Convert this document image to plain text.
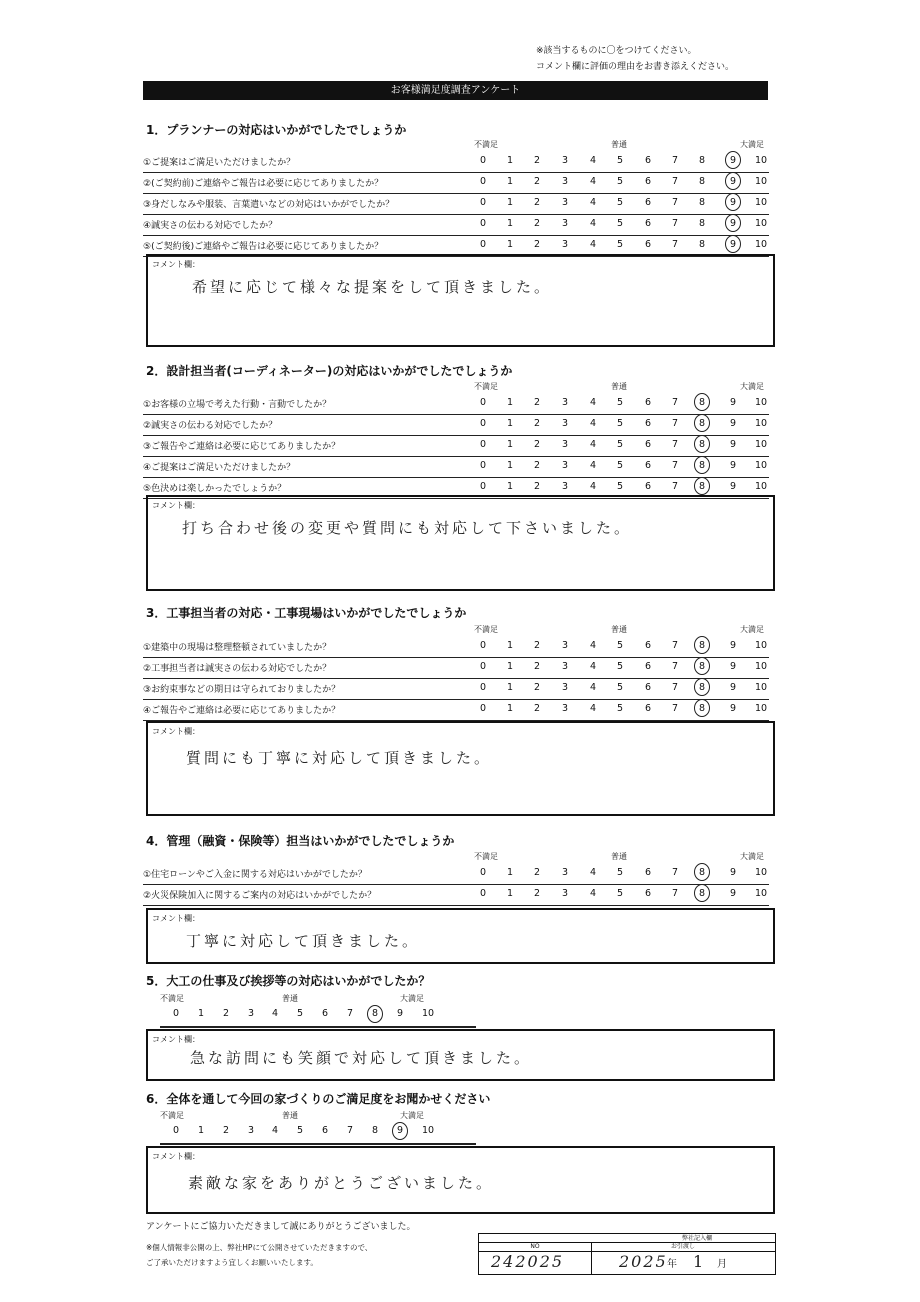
※該当するものに〇をつけてください。
コメント欄に評価の理由をお書き添えください。
お客様満足度調査アンケート
1．プランナーの対応はいかがでしたでしょうか
不満足	普通	大満足
①ご提案はご満足いただけましたか？	0	1	2	3	4	5	6	7	8	9	10
②(ご契約前)ご連絡やご報告は必要に応じてありましたか？	0	1	2	3	4	5	6	7	8	9	10
③身だしなみや服装、言葉遣いなどの対応はいかがでしたか？	0	1	2	3	4	5	6	7	8	9	10
④誠実さの伝わる対応でしたか？	0	1	2	3	4	5	6	7	8	9	10
⑤(ご契約後)ご連絡やご報告は必要に応じてありましたか？	0	1	2	3	4	5	6	7	8	9	10
コメント欄：
希望に応じて様々な提案をして頂きました。
2．設計担当者(コーディネーター)の対応はいかがでしたでしょうか
不満足	普通	大満足
①お客様の立場で考えた行動・言動でしたか？	0	1	2	3	4	5	6	7	8	9	10
②誠実さの伝わる対応でしたか？	0	1	2	3	4	5	6	7	8	9	10
③ご報告やご連絡は必要に応じてありましたか？	0	1	2	3	4	5	6	7	8	9	10
④ご提案はご満足いただけましたか？	0	1	2	3	4	5	6	7	8	9	10
⑤色決めは楽しかったでしょうか？	0	1	2	3	4	5	6	7	8	9	10
コメント欄：
打ち合わせ後の変更や質問にも対応して下さいました。
3．工事担当者の対応・工事現場はいかがでしたでしょうか
不満足	普通	大満足
①建築中の現場は整理整頓されていましたか？	0	1	2	3	4	5	6	7	8	9	10
②工事担当者は誠実さの伝わる対応でしたか？	0	1	2	3	4	5	6	7	8	9	10
③お約束事などの期日は守られておりましたか？	0	1	2	3	4	5	6	7	8	9	10
④ご報告やご連絡は必要に応じてありましたか？	0	1	2	3	4	5	6	7	8	9	10
コメント欄：
質問にも丁寧に対応して頂きました。
4．管理（融資・保険等）担当はいかがでしたでしょうか
不満足	普通	大満足
①住宅ローンやご入金に関する対応はいかがでしたか？	0	1	2	3	4	5	6	7	8	9	10
②火災保険加入に関するご案内の対応はいかがでしたか？	0	1	2	3	4	5	6	7	8	9	10
コメント欄：
丁寧に対応して頂きました。
5．大工の仕事及び挨拶等の対応はいかがでしたか？
不満足	普通	大満足
0	1	2	3	4	5	6	7	8	9	10
コメント欄：
急な訪問にも笑顔で対応して頂きました。
6．全体を通して今回の家づくりのご満足度をお聞かせください
不満足	普通	大満足
0	1	2	3	4	5	6	7	8	9	10
コメント欄：
素敵な家をありがとうございました。
アンケートにご協力いただきまして誠にありがとうございました。
※個人情報非公開の上、弊社HPにて公開させていただきますので、
ご了承いただけますよう宜しくお願いいたします。
弊社記入欄
NO	お引渡し
242025	2025 年 1 月
